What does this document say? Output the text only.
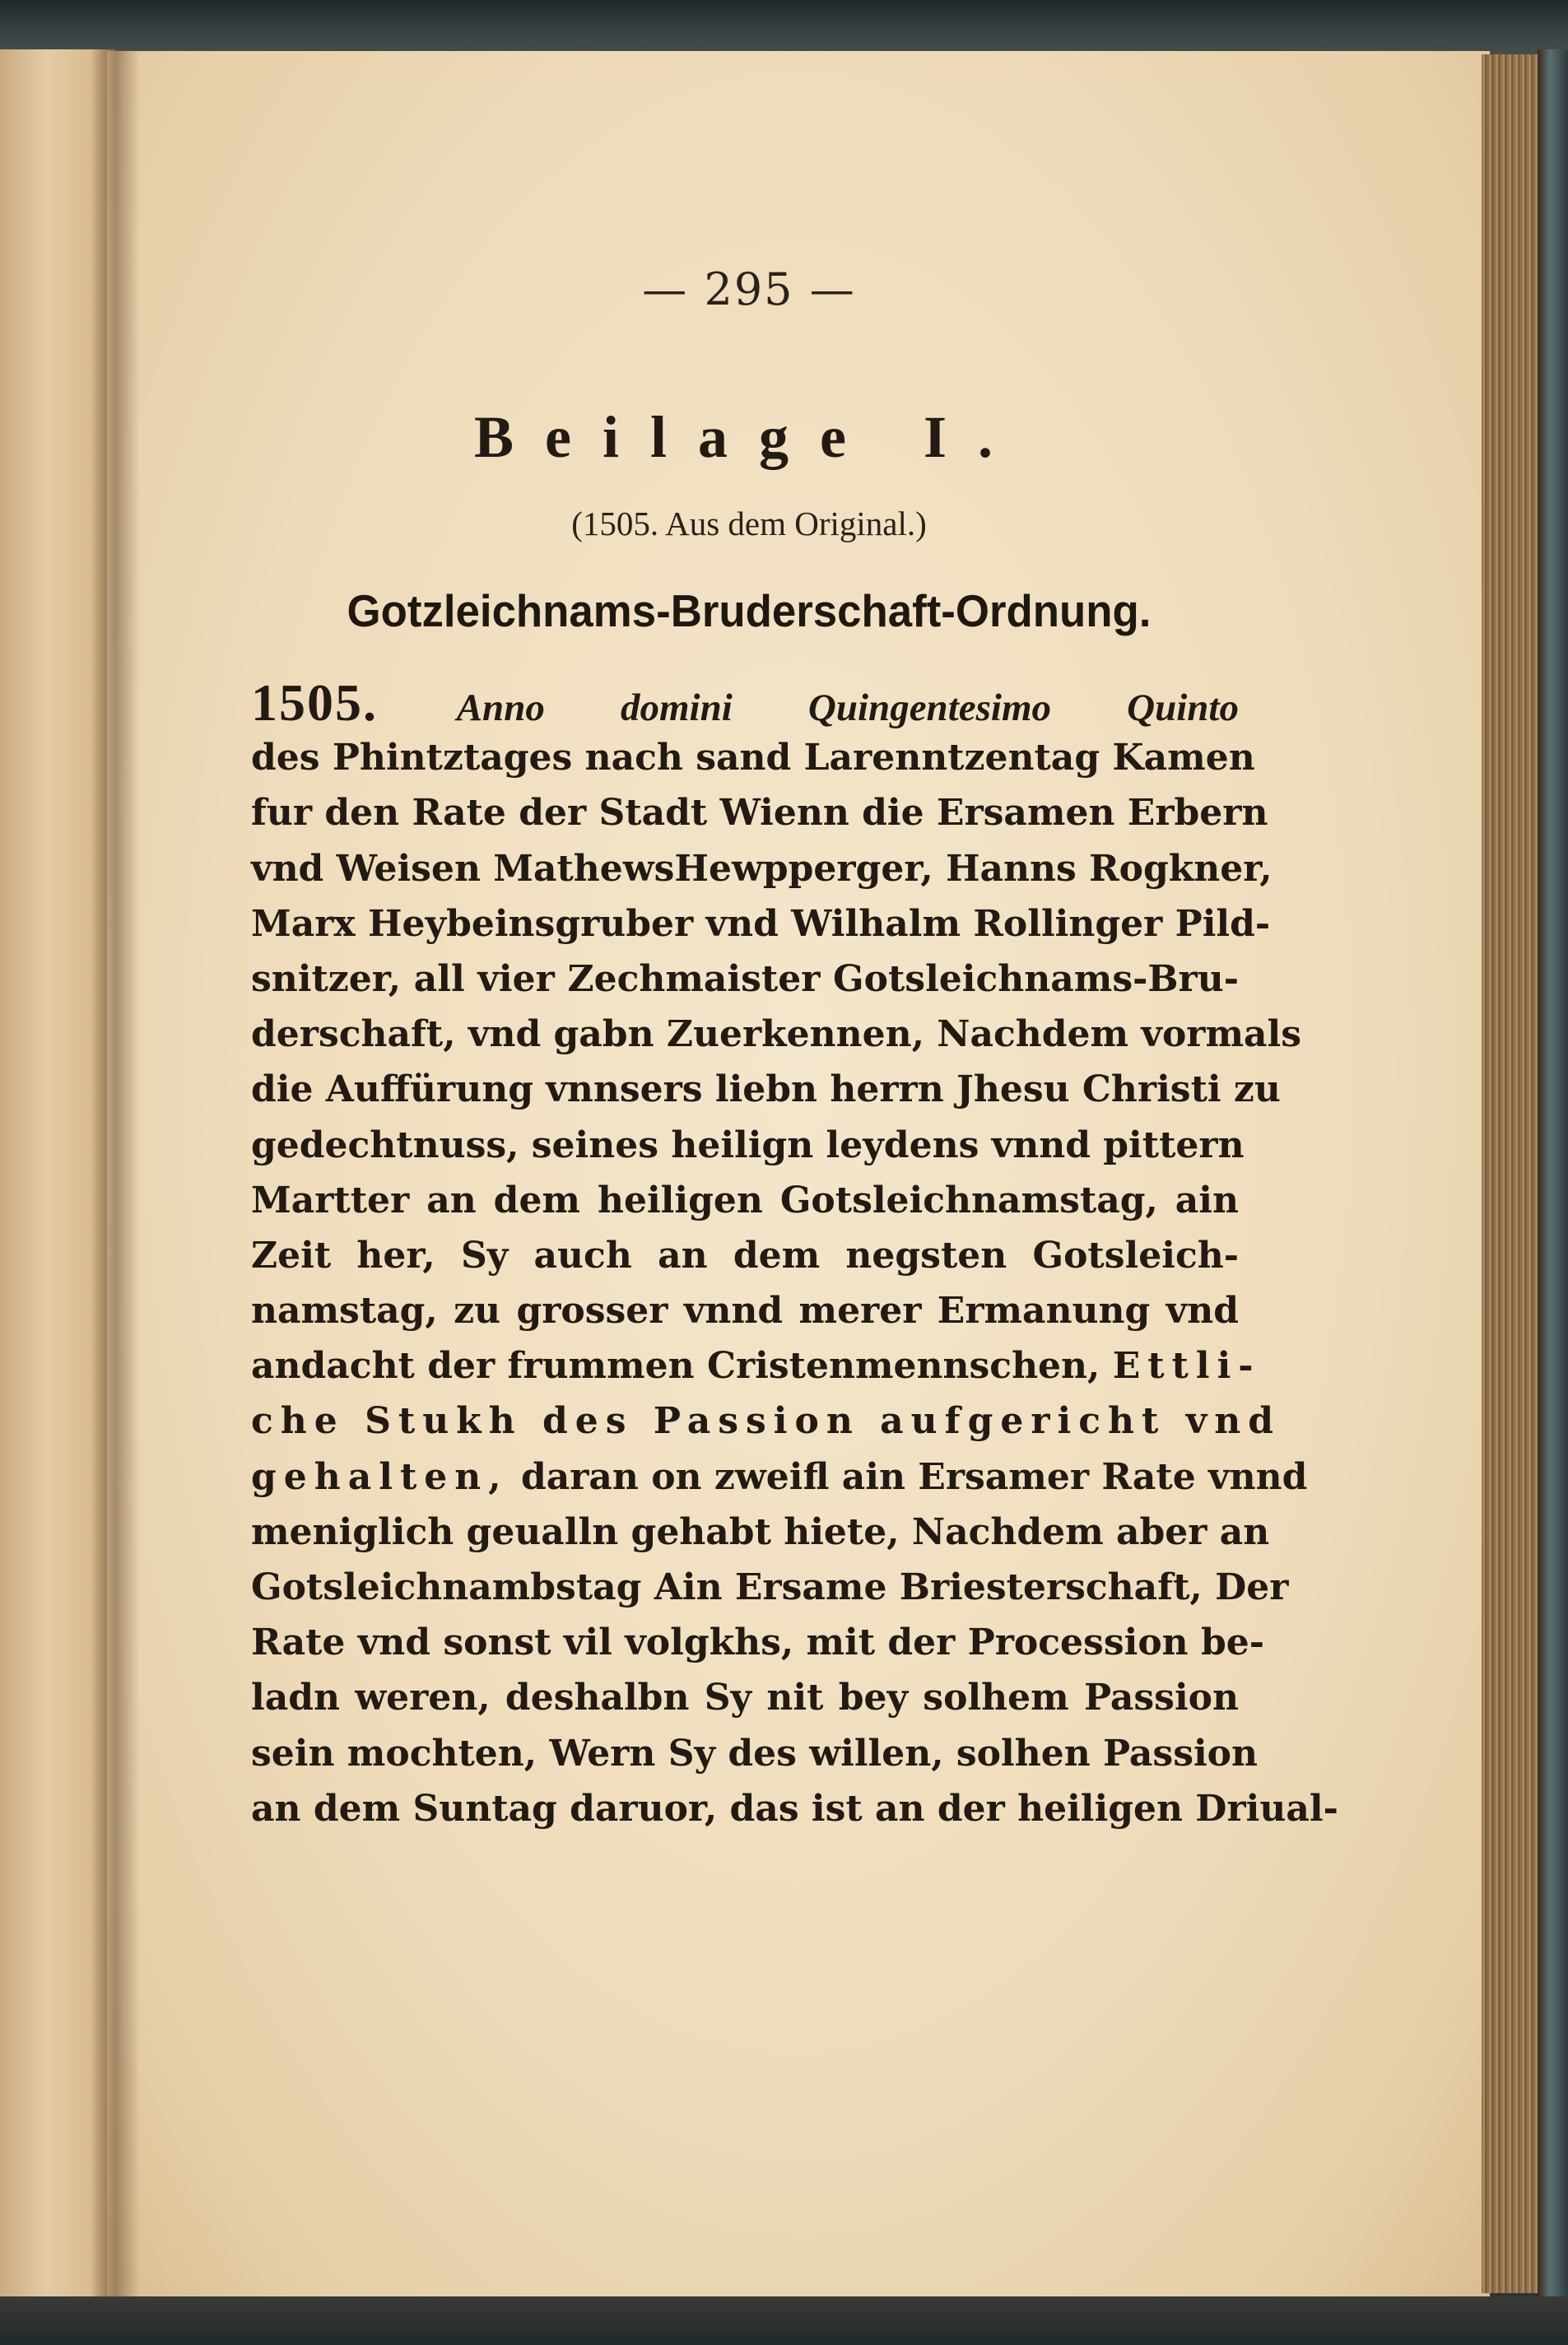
— 295 —
Beilage I.
(1505. Aus dem Original.)
Gotzleichnams-Bruderschaft-Ordnung.
1505. Anno domini Quingentesimo Quinto
des Phintztages nach sand Larenntzentag Kamen
fur den Rate der Stadt Wienn die Ersamen Erbern
vnd Weisen MathewsHewpperger, Hanns Rogkner,
Marx Heybeinsgruber vnd Wilhalm Rollinger Pild-
snitzer, all vier Zechmaister Gotsleichnams-Bru-
derschaft, vnd gabn Zuerkennen, Nachdem vormals
die Auffürung vnnsers liebn herrn Jhesu Christi zu
gedechtnuss, seines heilign leydens vnnd pittern
Martter an dem heiligen Gotsleichnamstag, ain
Zeit her, Sy auch an dem negsten Gotsleich-
namstag, zu grosser vnnd merer Ermanung vnd
andacht der frummen Cristenmennschen, Ettli-
che Stukh des Passion aufgericht vnd
gehalten, daran on zweifl ain Ersamer Rate vnnd
meniglich geualln gehabt hiete, Nachdem aber an
Gotsleichnambstag Ain Ersame Briesterschaft, Der
Rate vnd sonst vil volgkhs, mit der Procession be-
ladn weren, deshalbn Sy nit bey solhem Passion
sein mochten, Wern Sy des willen, solhen Passion
an dem Suntag daruor, das ist an der heiligen Driual-
